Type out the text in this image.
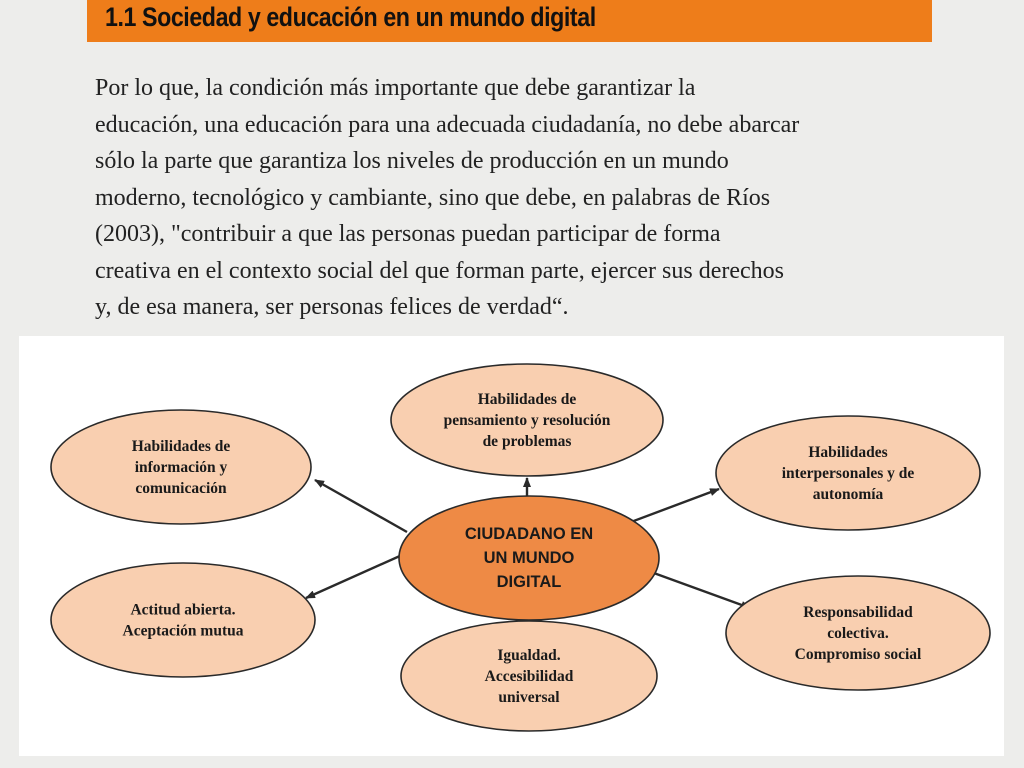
1.1 Sociedad y educación en un mundo digital

Por lo que, la condición más importante que debe garantizar la
educación, una educación para una adecuada ciudadanía, no debe abarcar
sólo la parte que garantiza los niveles de producción en un mundo
moderno, tecnológico y cambiante, sino que debe, en palabras de Ríos
(2003), "contribuir a que las personas puedan participar de forma
creativa en el contexto social del que forman parte, ejercer sus derechos
y, de esa manera, ser personas felices de verdad“.

Habilidades de
información y
comunicación
Habilidades de
pensamiento y resolución
de problemas
Habilidades
interpersonales y de
autonomía
Actitud abierta.
Aceptación mutua
Igualdad.
Accesibilidad
universal
Responsabilidad
colectiva.
Compromiso social
CIUDADANO EN
UN MUNDO
DIGITAL
